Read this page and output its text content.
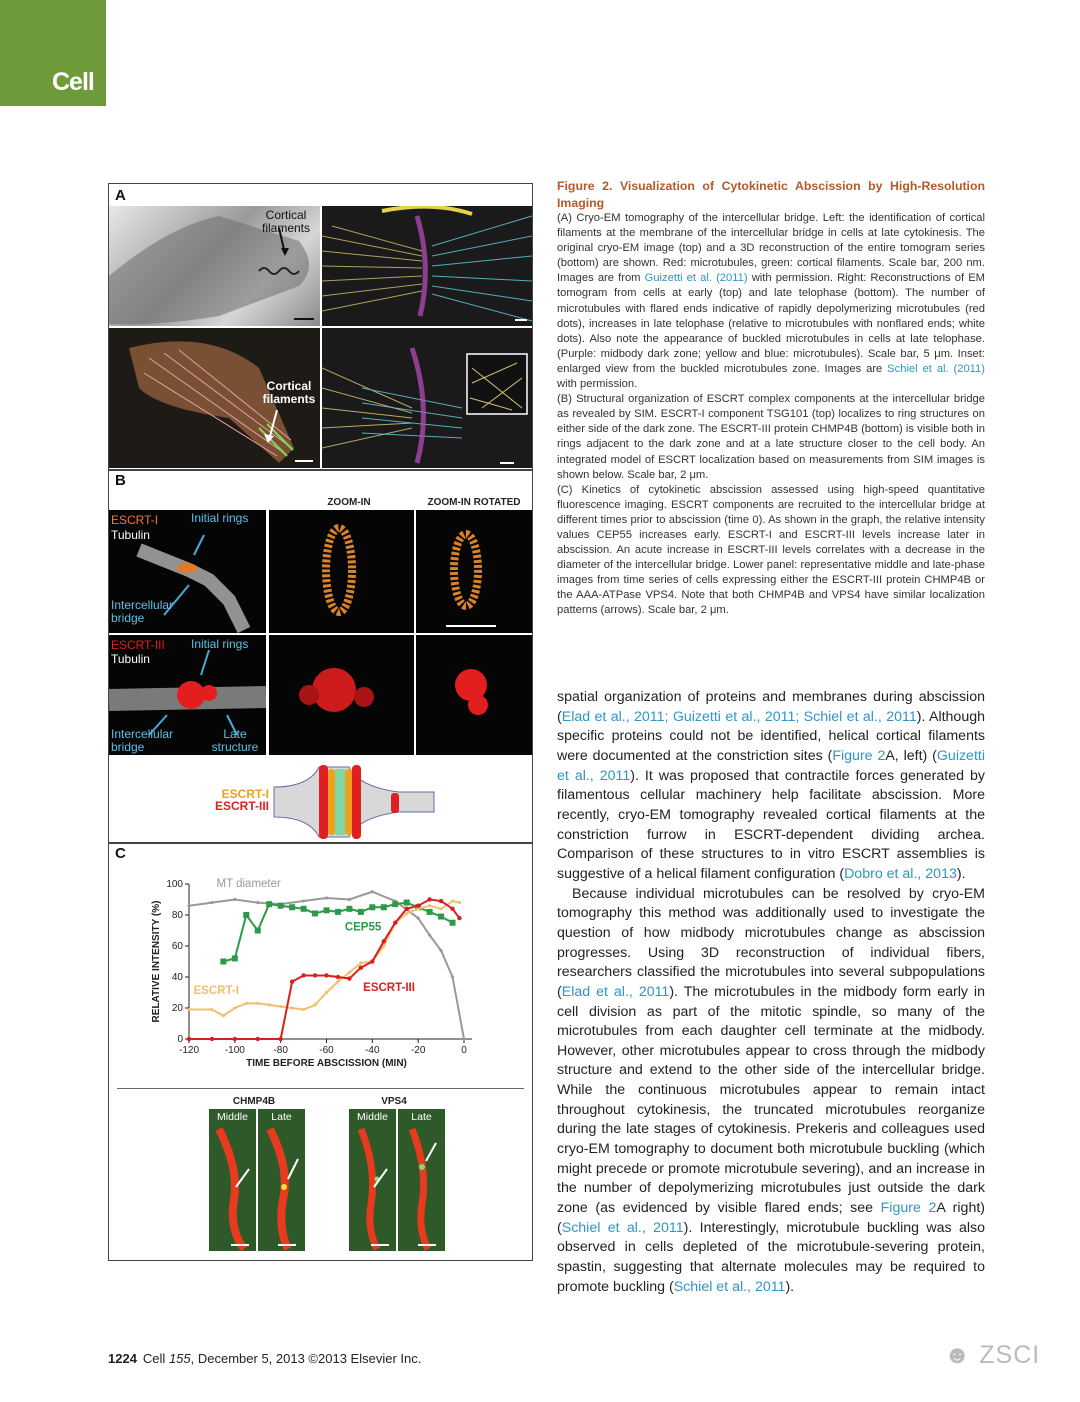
Cell
A
Cortical filaments
Cortical filaments
B
ZOOM-IN	ZOOM-IN ROTATED
ESCRT-I
Tubulin
Initial rings
Intercellular bridge
ESCRT-III
Tubulin
Initial rings
Intercellular bridge
Late structure
ESCRT-I
ESCRT-III
C
0
20
40
60
80
100
-120	-100	-80	-60	-40	-20	0
TIME BEFORE ABSCISSION (MIN)
RELATIVE INTENSITY (%)
MT diameter
CEP55
ESCRT-I	ESCRT-III
CHMP4B	VPS4
Middle	Late	Middle	Late
Figure 2. Visualization of Cytokinetic Abscission by High-Resolution Imaging

(A) Cryo-EM tomography of the intercellular bridge. Left: the identification of cortical filaments at the membrane of the intercellular bridge in cells at late cytokinesis. The original cryo-EM image (top) and a 3D reconstruction of the entire tomogram series (bottom) are shown. Red: microtubules, green: cortical filaments. Scale bar, 200 nm. Images are from Guizetti et al. (2011) with permission. Right: Reconstructions of EM tomogram from cells at early (top) and late telophase (bottom). The number of microtubules with flared ends indicative of rapidly depolymerizing microtubules (red dots), increases in late telophase (relative to microtubules with nonflared ends; white dots). Also note the appearance of buckled microtubules in cells at late telophase. (Purple: midbody dark zone; yellow and blue: microtubules). Scale bar, 5 μm. Inset: enlarged view from the buckled microtubules zone. Images are Schiel et al. (2011) with permission.

(B) Structural organization of ESCRT complex components at the intercellular bridge as revealed by SIM. ESCRT-I component TSG101 (top) localizes to ring structures on either side of the dark zone. The ESCRT-III protein CHMP4B (bottom) is visible both in rings adjacent to the dark zone and at a late structure closer to the cell body. An integrated model of ESCRT localization based on measurements from SIM images is shown below. Scale bar, 2 μm.

(C) Kinetics of cytokinetic abscission assessed using high-speed quantitative fluorescence imaging. ESCRT components are recruited to the intercellular bridge at different times prior to abscission (time 0). As shown in the graph, the relative intensity values CEP55 increases early. ESCRT-I and ESCRT-III levels increase later in abscission. An acute increase in ESCRT-III levels correlates with a decrease in the diameter of the intercellular bridge. Lower panel: representative middle and late-phase images from time series of cells expressing either the ESCRT-III protein CHMP4B or the AAA-ATPase VPS4. Note that both CHMP4B and VPS4 have similar localization patterns (arrows). Scale bar, 2 μm.

spatial organization of proteins and membranes during abscission (Elad et al., 2011; Guizetti et al., 2011; Schiel et al., 2011). Although specific proteins could not be identified, helical cortical filaments were documented at the constriction sites (Figure 2A, left) (Guizetti et al., 2011). It was proposed that contractile forces generated by filamentous cellular machinery help facilitate abscission. More recently, cryo-EM tomography revealed cortical filaments at the constriction furrow in ESCRT-dependent dividing archea. Comparison of these structures to in vitro ESCRT assemblies is suggestive of a helical filament configuration (Dobro et al., 2013).

Because individual microtubules can be resolved by cryo-EM tomography this method was additionally used to investigate the question of how midbody microtubules change as abscission progresses. Using 3D reconstruction of individual fibers, researchers classified the microtubules into several subpopulations (Elad et al., 2011). The microtubules in the midbody form early in cell division as part of the mitotic spindle, so many of the microtubules from each daughter cell terminate at the midbody. However, other microtubules appear to cross through the midbody structure and extend to the other side of the intercellular bridge. While the continuous microtubules appear to remain intact throughout cytokinesis, the truncated microtubules reorganize during the late stages of cytokinesis. Prekeris and colleagues used cryo-EM tomography to document both microtubule buckling (which might precede or promote microtubule severing), and an increase in the number of depolymerizing microtubules just outside the dark zone (as evidenced by visible flared ends; see Figure 2A right) (Schiel et al., 2011). Interestingly, microtubule buckling was also observed in cells depleted of the microtubule-severing protein, spastin, suggesting that alternate molecules may be required to promote buckling (Schiel et al., 2011).

1224 Cell 155, December 5, 2013 ©2013 Elsevier Inc.	☻ ZSCI
